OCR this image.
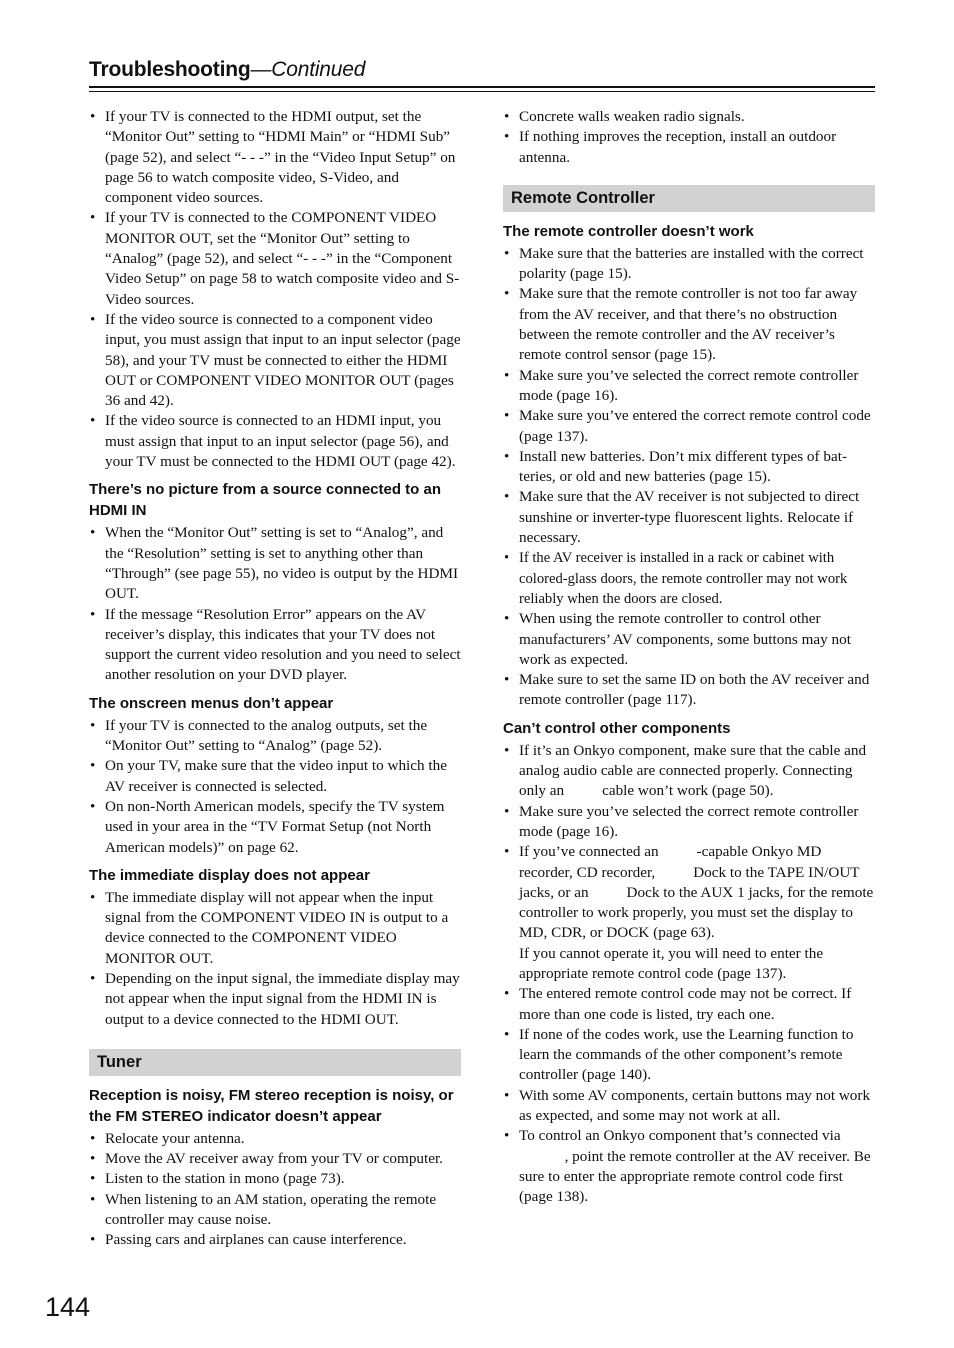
Troubleshooting—Continued
• If your TV is connected to the HDMI output, set the “Monitor Out” setting to “HDMI Main” or “HDMI Sub” (page 52), and select “- - -” in the “Video Input Setup” on page 56 to watch composite video, S-Video, and component video sources.
• If your TV is connected to the COMPONENT VIDEO MONITOR OUT, set the “Monitor Out” setting to “Analog” (page 52), and select “- - -” in the “Component Video Setup” on page 58 to watch composite video and S-Video sources.
• If the video source is connected to a component video input, you must assign that input to an input selector (page 58), and your TV must be connected to either the HDMI OUT or COMPONENT VIDEO MONITOR OUT (pages 36 and 42).
• If the video source is connected to an HDMI input, you must assign that input to an input selector (page 56), and your TV must be connected to the HDMI OUT (page 42).
There’s no picture from a source connected to an HDMI IN
• When the “Monitor Out” setting is set to “Analog”, and the “Resolution” setting is set to anything other than “Through” (see page 55), no video is output by the HDMI OUT.
• If the message “Resolution Error” appears on the AV receiver’s display, this indicates that your TV does not support the current video resolution and you need to select another resolution on your DVD player.
The onscreen menus don’t appear
• If your TV is connected to the analog outputs, set the “Monitor Out” setting to “Analog” (page 52).
• On your TV, make sure that the video input to which the AV receiver is connected is selected.
• On non-North American models, specify the TV system used in your area in the “TV Format Setup (not North American models)” on page 62.
The immediate display does not appear
• The immediate display will not appear when the input signal from the COMPONENT VIDEO IN is output to a device connected to the COMPONENT VIDEO MONITOR OUT.
• Depending on the input signal, the immediate display may not appear when the input signal from the HDMI IN is output to a device connected to the HDMI OUT.
Tuner
Reception is noisy, FM stereo reception is noisy, or the FM STEREO indicator doesn’t appear
• Relocate your antenna.
• Move the AV receiver away from your TV or computer.
• Listen to the station in mono (page 73).
• When listening to an AM station, operating the remote controller may cause noise.
• Passing cars and airplanes can cause interference.
• Concrete walls weaken radio signals.
• If nothing improves the reception, install an outdoor antenna.
Remote Controller
The remote controller doesn’t work
• Make sure that the batteries are installed with the correct polarity (page 15).
• Make sure that the remote controller is not too far away from the AV receiver, and that there’s no obstruction between the remote controller and the AV receiver’s remote control sensor (page 15).
• Make sure you’ve selected the correct remote controller mode (page 16).
• Make sure you’ve entered the correct remote control code (page 137).
• Install new batteries. Don’t mix different types of batteries, or old and new batteries (page 15).
• Make sure that the AV receiver is not subjected to direct sunshine or inverter-type fluorescent lights. Relocate if necessary.
• If the AV receiver is installed in a rack or cabinet with colored-glass doors, the remote controller may not work reliably when the doors are closed.
• When using the remote controller to control other manufacturers’ AV components, some buttons may not work as expected.
• Make sure to set the same ID on both the AV receiver and remote controller (page 117).
Can’t control other components
• If it’s an Onkyo component, make sure that the cable and analog audio cable are connected properly. Connecting only an    cable won’t work (page 50).
• Make sure you’ve selected the correct remote controller mode (page 16).
• If you’ve connected an    -capable Onkyo MD recorder, CD recorder,    Dock to the TAPE IN/OUT jacks, or an    Dock to the AUX 1 jacks, for the remote controller to work properly, you must set the display to MD, CDR, or DOCK (page 63).
If you cannot operate it, you will need to enter the appropriate remote control code (page 137).
• The entered remote control code may not be correct. If more than one code is listed, try each one.
• If none of the codes work, use the Learning function to learn the commands of the other component’s remote controller (page 140).
• With some AV components, certain buttons may not work as expected, and some may not work at all.
• To control an Onkyo component that’s connected via    , point the remote controller at the AV receiver. Be sure to enter the appropriate remote control code first (page 138).
144
